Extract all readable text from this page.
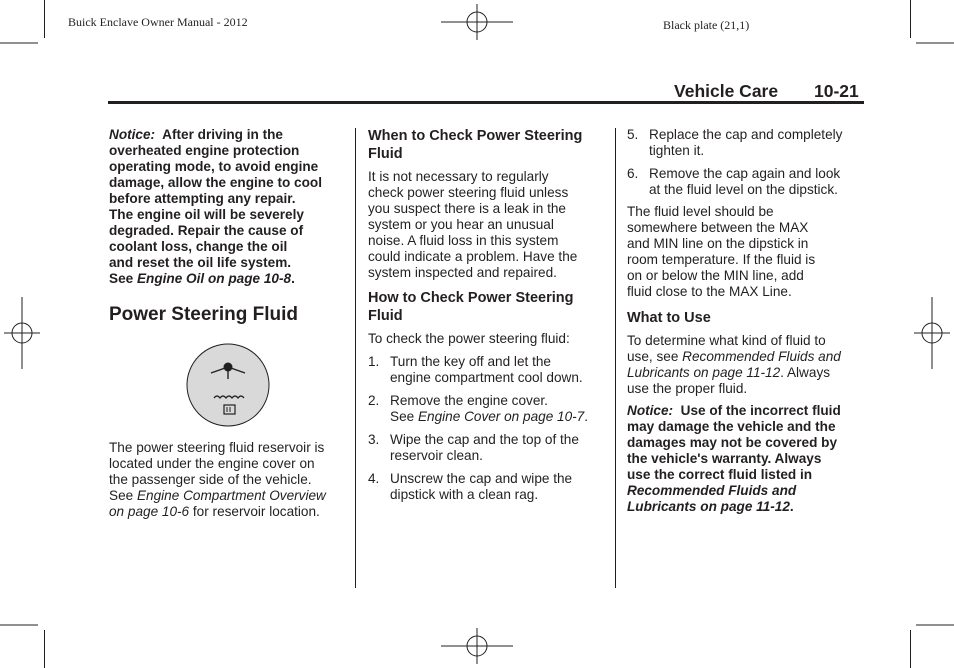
Buick Enclave Owner Manual - 2012	Black plate (21,1)
Vehicle Care 10-21

Notice: After driving in the

overheated engine protection

operating mode, to avoid engine

damage, allow the engine to cool

before attempting any repair.

The engine oil will be severely

degraded. Repair the cause of

coolant loss, change the oil

and reset the oil life system.

See Engine Oil on page 10-8.

Power Steering Fluid

The power steering fluid reservoir is

located under the engine cover on

the passenger side of the vehicle.

See Engine Compartment Overview

on page 10-6 for reservoir location.

When to Check Power Steering
Fluid

It is not necessary to regularly

check power steering fluid unless

you suspect there is a leak in the

system or you hear an unusual

noise. A fluid loss in this system

could indicate a problem. Have the

system inspected and repaired.

How to Check Power Steering
Fluid

To check the power steering fluid:

1. Turn the key off and let the

engine compartment cool down.

2. Remove the engine cover.

See Engine Cover on page 10-7.

3. Wipe the cap and the top of the

reservoir clean.

4. Unscrew the cap and wipe the

dipstick with a clean rag.

5. Replace the cap and completely

tighten it.

6. Remove the cap again and look

at the fluid level on the dipstick.

The fluid level should be

somewhere between the MAX

and MIN line on the dipstick in

room temperature. If the fluid is

on or below the MIN line, add

fluid close to the MAX Line.

What to Use

To determine what kind of fluid to

use, see Recommended Fluids and

Lubricants on page 11-12. Always

use the proper fluid.

Notice: Use of the incorrect fluid

may damage the vehicle and the

damages may not be covered by

the vehicle's warranty. Always

use the correct fluid listed in

Recommended Fluids and

Lubricants on page 11-12.
